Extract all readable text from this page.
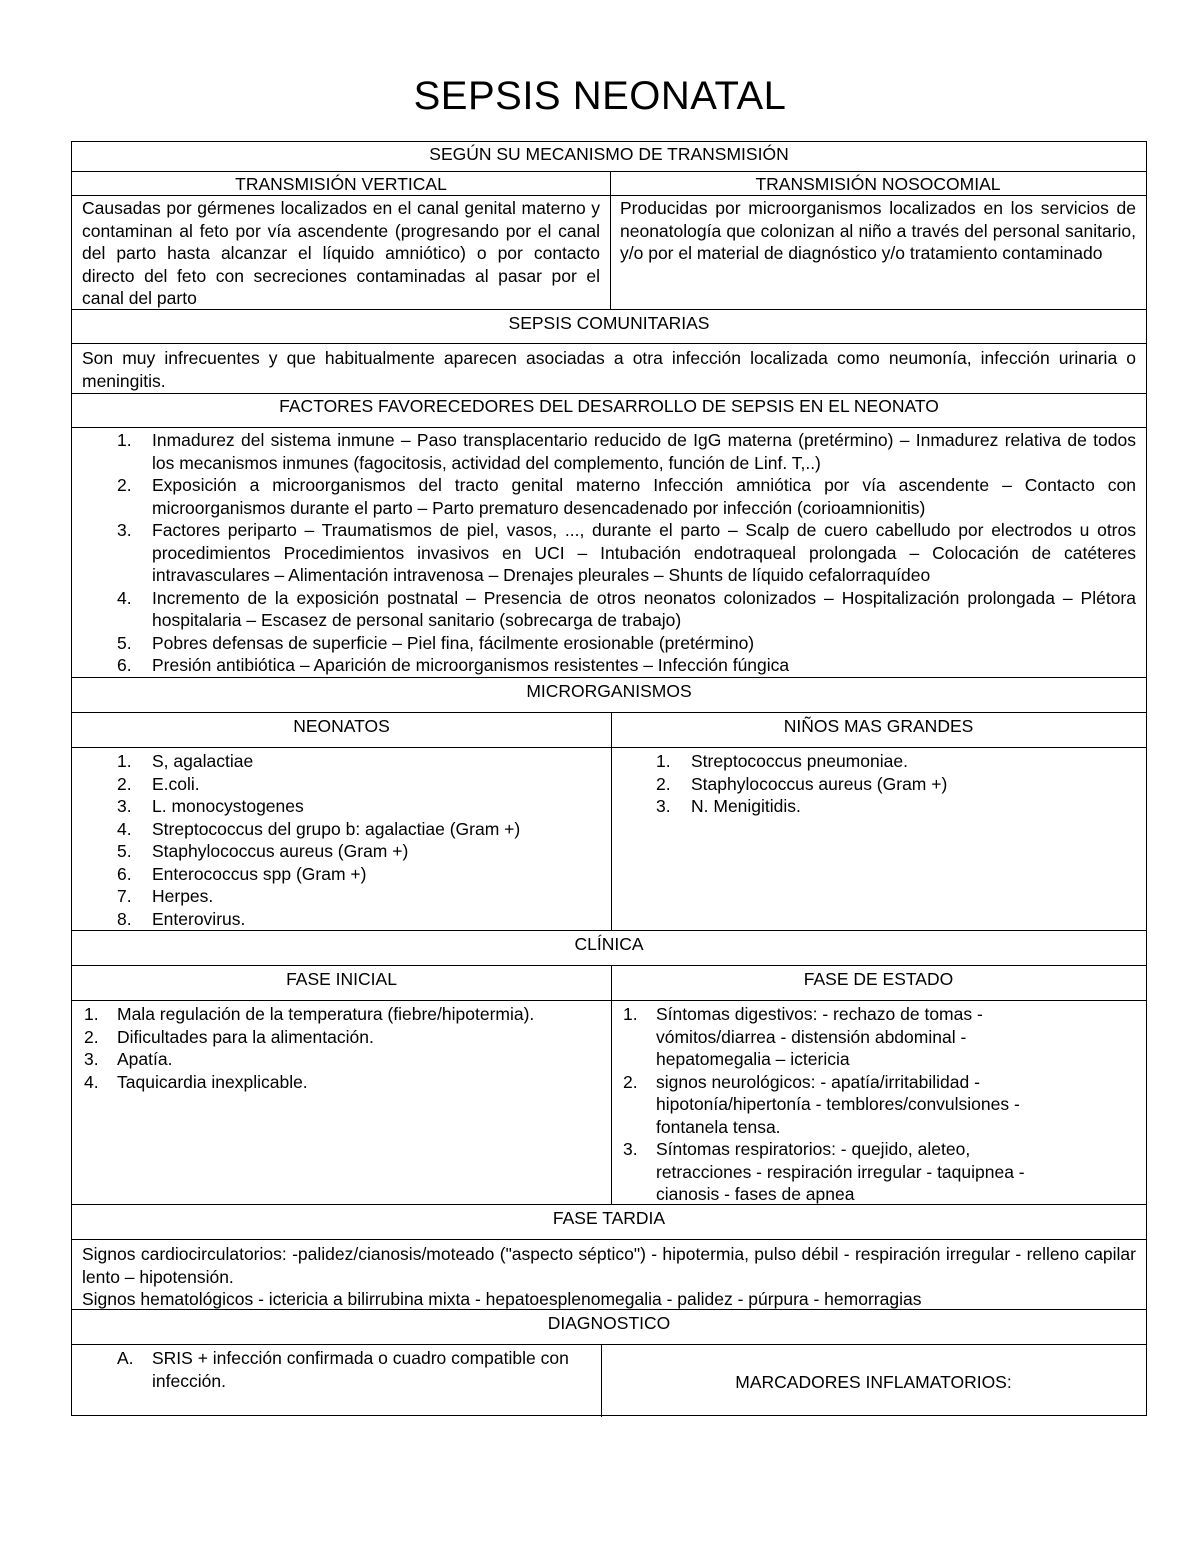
SEPSIS NEONATAL
SEGÚN SU MECANISMO DE TRANSMISIÓN
TRANSMISIÓN VERTICAL	TRANSMISIÓN NOSOCOMIAL
Causadas por gérmenes localizados en el canal genital materno y contaminan al feto por vía ascendente (progresando por el canal del parto hasta alcanzar el líquido amniótico) o por contacto directo del feto con secreciones contaminadas al pasar por el canal del parto
Producidas por microorganismos localizados en los servicios de neonatología que colonizan al niño a través del personal sanitario, y/o por el material de diagnóstico y/o tratamiento contaminado
SEPSIS COMUNITARIAS
Son muy infrecuentes y que habitualmente aparecen asociadas a otra infección localizada como neumonía, infección urinaria o meningitis.
FACTORES FAVORECEDORES DEL DESARROLLO DE SEPSIS EN EL NEONATO
1.	Inmadurez del sistema inmune – Paso transplacentario reducido de IgG materna (pretérmino) – Inmadurez relativa de todos los mecanismos inmunes (fagocitosis, actividad del complemento, función de Linf. T,..)
2.	Exposición a microorganismos del tracto genital materno Infección amniótica por vía ascendente – Contacto con microorganismos durante el parto – Parto prematuro desencadenado por infección (corioamnionitis)
3.	Factores periparto – Traumatismos de piel, vasos, ..., durante el parto – Scalp de cuero cabelludo por electrodos u otros procedimientos Procedimientos invasivos en UCI – Intubación endotraqueal prolongada – Colocación de catéteres intravasculares – Alimentación intravenosa – Drenajes pleurales – Shunts de líquido cefalorraquídeo
4.	Incremento de la exposición postnatal – Presencia de otros neonatos colonizados – Hospitalización prolongada – Plétora hospitalaria – Escasez de personal sanitario (sobrecarga de trabajo)
5.	Pobres defensas de superficie – Piel fina, fácilmente erosionable (pretérmino)
6.	Presión antibiótica – Aparición de microorganismos resistentes – Infección fúngica
MICRORGANISMOS
NEONATOS	NIÑOS MAS GRANDES
1.	S, agalactiae
2.	E.coli.
3.	L. monocystogenes
4.	Streptococcus del grupo b: agalactiae (Gram +)
5.	Staphylococcus aureus (Gram +)
6.	Enterococcus spp (Gram +)
7.	Herpes.
8.	Enterovirus.
1.	Streptococcus pneumoniae.
2.	Staphylococcus aureus (Gram +)
3.	N. Menigitidis.
CLÍNICA
FASE INICIAL	FASE DE ESTADO
1.	Mala regulación de la temperatura (fiebre/hipotermia).
2.	Dificultades para la alimentación.
3.	Apatía.
4.	Taquicardia inexplicable.
1.	Síntomas digestivos: - rechazo de tomas -vómitos/diarrea - distensión abdominal - hepatomegalia – ictericia
2.	signos neurológicos: - apatía/irritabilidad - hipotonía/hipertonía - temblores/convulsiones - fontanela tensa.
3.	Síntomas respiratorios: - quejido, aleteo, retracciones - respiración irregular - taquipnea - cianosis - fases de apnea
FASE TARDIA
Signos cardiocirculatorios: -palidez/cianosis/moteado ("aspecto séptico") - hipotermia, pulso débil - respiración irregular - relleno capilar lento – hipotensión.
Signos hematológicos - ictericia a bilirrubina mixta - hepatoesplenomegalia - palidez - púrpura - hemorragias
DIAGNOSTICO
A.	SRIS + infección confirmada o cuadro compatible con infección.	MARCADORES INFLAMATORIOS:
